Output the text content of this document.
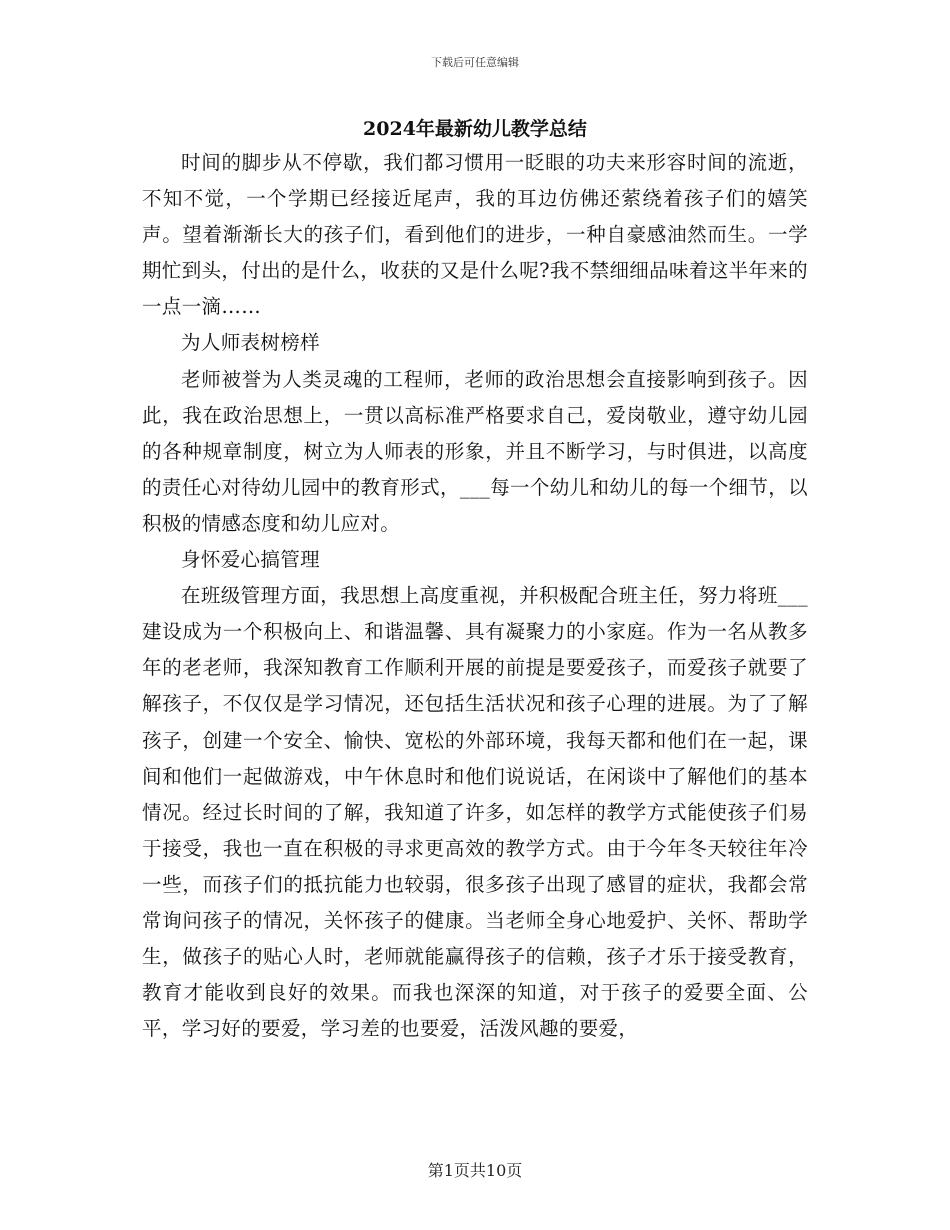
下载后可任意编辑
2024年最新幼儿教学总结

时间的脚步从不停歇，我们都习惯用一眨眼的功夫来形容时间的流逝，不知不觉，一个学期已经接近尾声，我的耳边仿佛还萦绕着孩子们的嬉笑声。望着渐渐长大的孩子们，看到他们的进步，一种自豪感油然而生。一学期忙到头，付出的是什么，收获的又是什么呢?我不禁细细品味着这半年来的一点一滴……

为人师表树榜样

老师被誉为人类灵魂的工程师，老师的政治思想会直接影响到孩子。因此，我在政治思想上，一贯以高标准严格要求自己，爱岗敬业，遵守幼儿园的各种规章制度，树立为人师表的形象，并且不断学习，与时俱进，以高度的责任心对待幼儿园中的教育形式，___每一个幼儿和幼儿的每一个细节，以积极的情感态度和幼儿应对。

身怀爱心搞管理

在班级管理方面，我思想上高度重视，并积极配合班主任，努力将班___建设成为一个积极向上、和谐温馨、具有凝聚力的小家庭。作为一名从教多年的老老师，我深知教育工作顺利开展的前提是要爱孩子，而爱孩子就要了解孩子，不仅仅是学习情况，还包括生活状况和孩子心理的进展。为了了解孩子，创建一个安全、愉快、宽松的外部环境，我每天都和他们在一起，课间和他们一起做游戏，中午休息时和他们说说话，在闲谈中了解他们的基本情况。经过长时间的了解，我知道了许多，如怎样的教学方式能使孩子们易于接受，我也一直在积极的寻求更高效的教学方式。由于今年冬天较往年冷一些，而孩子们的抵抗能力也较弱，很多孩子出现了感冒的症状，我都会常常询问孩子的情况，关怀孩子的健康。当老师全身心地爱护、关怀、帮助学生，做孩子的贴心人时，老师就能赢得孩子的信赖，孩子才乐于接受教育，教育才能收到良好的效果。而我也深深的知道，对于孩子的爱要全面、公平，学习好的要爱，学习差的也要爱，活泼风趣的要爱，

第1页共10页
